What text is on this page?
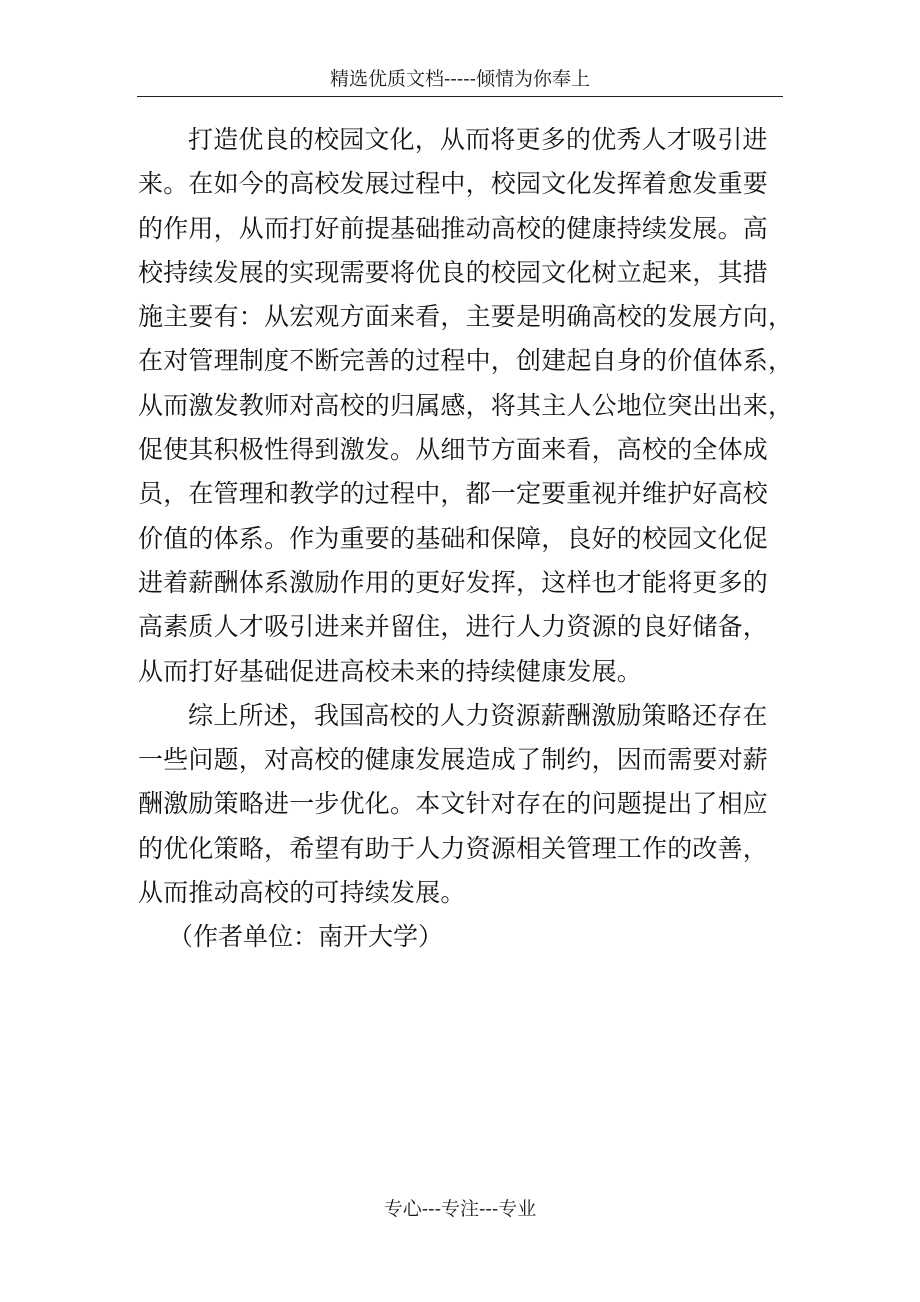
精选优质文档-----倾情为你奉上
打造优良的校园文化，从而将更多的优秀人才吸引进
来。在如今的高校发展过程中，校园文化发挥着愈发重要
的作用，从而打好前提基础推动高校的健康持续发展。高
校持续发展的实现需要将优良的校园文化树立起来，其措
施主要有：从宏观方面来看，主要是明确高校的发展方向，
在对管理制度不断完善的过程中，创建起自身的价值体系，
从而激发教师对高校的归属感，将其主人公地位突出出来，
促使其积极性得到激发。从细节方面来看，高校的全体成
员，在管理和教学的过程中，都一定要重视并维护好高校
价值的体系。作为重要的基础和保障，良好的校园文化促
进着薪酬体系激励作用的更好发挥，这样也才能将更多的
高素质人才吸引进来并留住，进行人力资源的良好储备，
从而打好基础促进高校未来的持续健康发展。
综上所述，我国高校的人力资源薪酬激励策略还存在
一些问题，对高校的健康发展造成了制约，因而需要对薪
酬激励策略进一步优化。本文针对存在的问题提出了相应
的优化策略，希望有助于人力资源相关管理工作的改善，
从而推动高校的可持续发展。
（作者单位：南开大学）
专心---专注---专业
